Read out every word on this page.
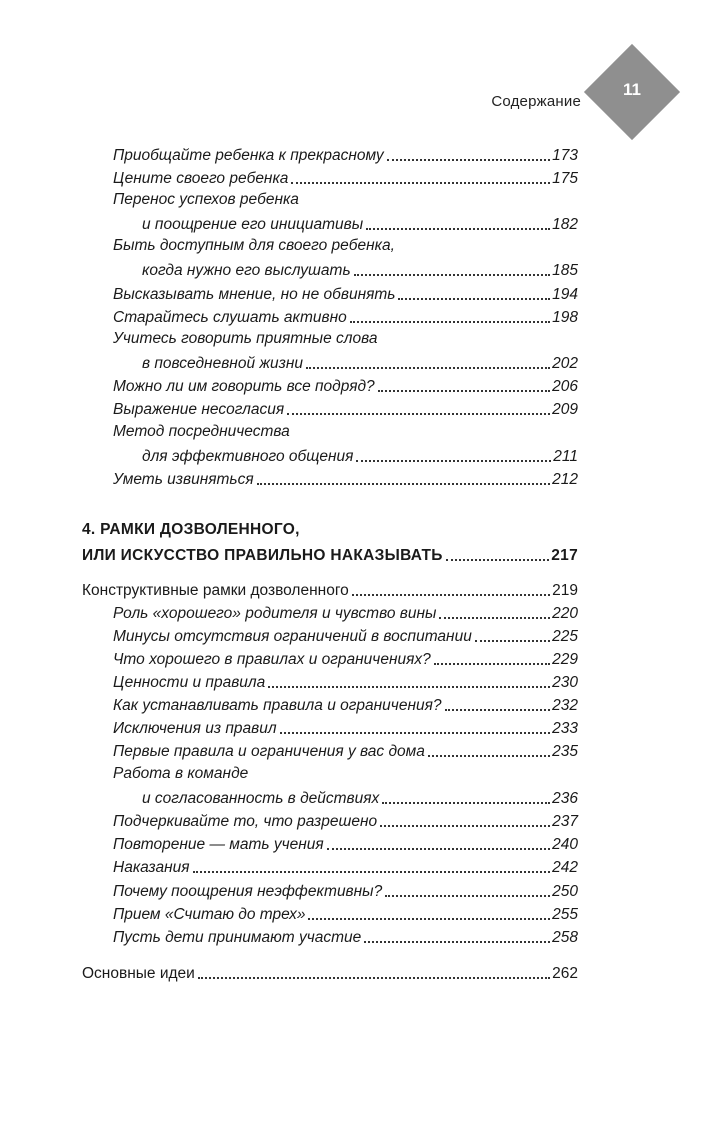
Содержание
11
Приобщайте ребенка к прекрасному	173
Цените своего ребенка	175
Перенос успехов ребенка
и поощрение его инициативы	182
Быть доступным для своего ребенка,
когда нужно его выслушать	185
Высказывать мнение, но не обвинять	194
Старайтесь слушать активно	198
Учитесь говорить приятные слова
в повседневной жизни	202
Можно ли им говорить все подряд?	206
Выражение несогласия	209
Метод посредничества
для эффективного общения	211
Уметь извиняться	212
4. РАМКИ ДОЗВОЛЕННОГО,
ИЛИ ИСКУССТВО ПРАВИЛЬНО НАКАЗЫВАТЬ	217
Конструктивные рамки дозволенного	219
Роль «хорошего» родителя и чувство вины	220
Минусы отсутствия ограничений в воспитании	225
Что хорошего в правилах и ограничениях?	229
Ценности и правила	230
Как устанавливать правила и ограничения?	232
Исключения из правил	233
Первые правила и ограничения у вас дома	235
Работа в команде
и согласованность в действиях	236
Подчеркивайте то, что разрешено	237
Повторение — мать учения	240
Наказания	242
Почему поощрения неэффективны?	250
Прием «Считаю до трех»	255
Пусть дети принимают участие	258
Основные идеи	262
